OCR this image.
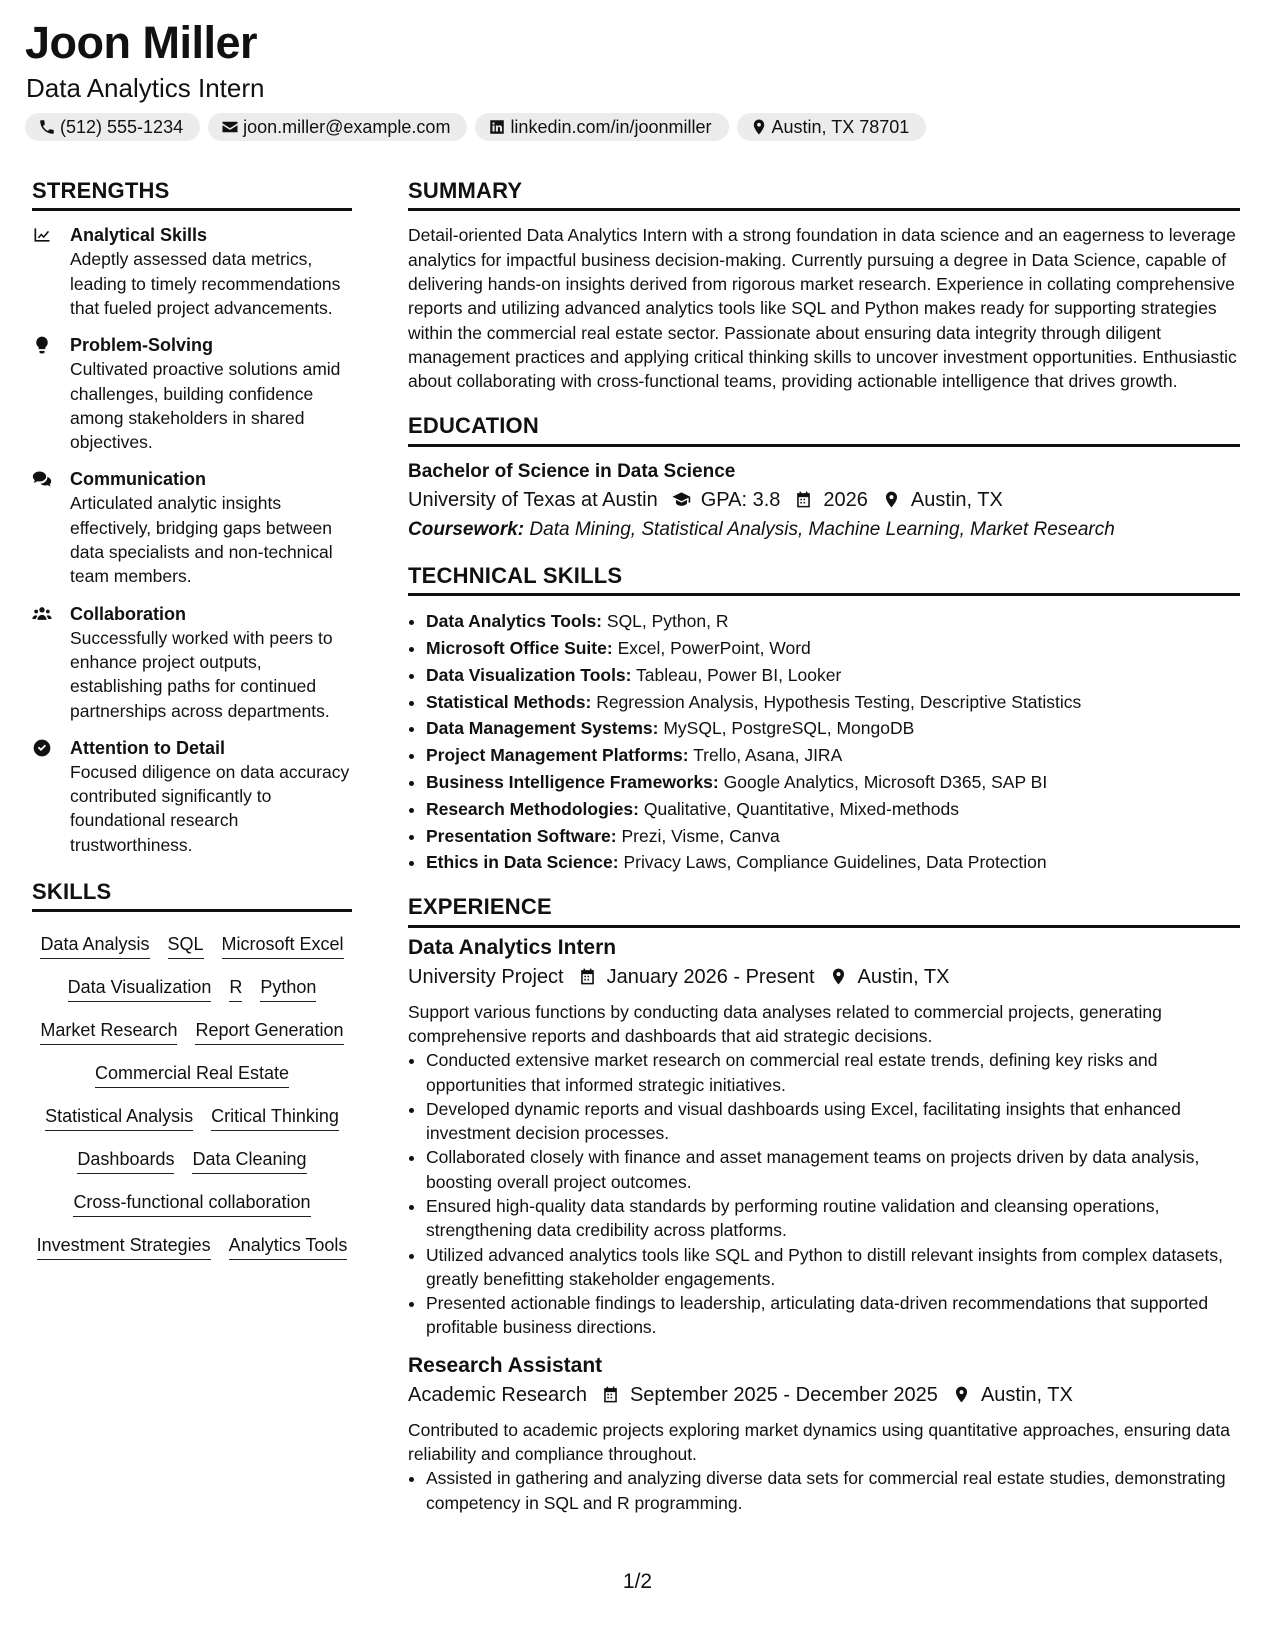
Joon Miller
Data Analytics Intern
(512) 555-1234	joon.miller@example.com	linkedin.com/in/joonmiller	Austin, TX 78701
STRENGTHS
Analytical Skills
Adeptly assessed data metrics, leading to timely recommendations that fueled project advancements.
Problem-Solving
Cultivated proactive solutions amid challenges, building confidence among stakeholders in shared objectives.
Communication
Articulated analytic insights effectively, bridging gaps between data specialists and non-technical team members.
Collaboration
Successfully worked with peers to enhance project outputs, establishing paths for continued partnerships across departments.
Attention to Detail
Focused diligence on data accuracy contributed significantly to foundational research trustworthiness.
SKILLS
Data Analysis SQL Microsoft Excel
Data Visualization R Python
Market Research Report Generation
Commercial Real Estate
Statistical Analysis Critical Thinking
Dashboards Data Cleaning
Cross-functional collaboration
Investment Strategies Analytics Tools
SUMMARY
Detail-oriented Data Analytics Intern with a strong foundation in data science and an eagerness to leverage analytics for impactful business decision-making. Currently pursuing a degree in Data Science, capable of delivering hands-on insights derived from rigorous market research. Experience in collating comprehensive reports and utilizing advanced analytics tools like SQL and Python makes ready for supporting strategies within the commercial real estate sector. Passionate about ensuring data integrity through diligent management practices and applying critical thinking skills to uncover investment opportunities. Enthusiastic about collaborating with cross-functional teams, providing actionable intelligence that drives growth.
EDUCATION
Bachelor of Science in Data Science
University of Texas at Austin GPA: 3.8 2026 Austin, TX
Coursework: Data Mining, Statistical Analysis, Machine Learning, Market Research
TECHNICAL SKILLS
• Data Analytics Tools: SQL, Python, R
• Microsoft Office Suite: Excel, PowerPoint, Word
• Data Visualization Tools: Tableau, Power BI, Looker
• Statistical Methods: Regression Analysis, Hypothesis Testing, Descriptive Statistics
• Data Management Systems: MySQL, PostgreSQL, MongoDB
• Project Management Platforms: Trello, Asana, JIRA
• Business Intelligence Frameworks: Google Analytics, Microsoft D365, SAP BI
• Research Methodologies: Qualitative, Quantitative, Mixed-methods
• Presentation Software: Prezi, Visme, Canva
• Ethics in Data Science: Privacy Laws, Compliance Guidelines, Data Protection
EXPERIENCE
Data Analytics Intern
University Project January 2026 - Present Austin, TX
Support various functions by conducting data analyses related to commercial projects, generating comprehensive reports and dashboards that aid strategic decisions.
• Conducted extensive market research on commercial real estate trends, defining key risks and opportunities that informed strategic initiatives.
• Developed dynamic reports and visual dashboards using Excel, facilitating insights that enhanced investment decision processes.
• Collaborated closely with finance and asset management teams on projects driven by data analysis, boosting overall project outcomes.
• Ensured high-quality data standards by performing routine validation and cleansing operations, strengthening data credibility across platforms.
• Utilized advanced analytics tools like SQL and Python to distill relevant insights from complex datasets, greatly benefitting stakeholder engagements.
• Presented actionable findings to leadership, articulating data-driven recommendations that supported profitable business directions.
Research Assistant
Academic Research September 2025 - December 2025 Austin, TX
Contributed to academic projects exploring market dynamics using quantitative approaches, ensuring data reliability and compliance throughout.
• Assisted in gathering and analyzing diverse data sets for commercial real estate studies, demonstrating competency in SQL and R programming.
1/2
